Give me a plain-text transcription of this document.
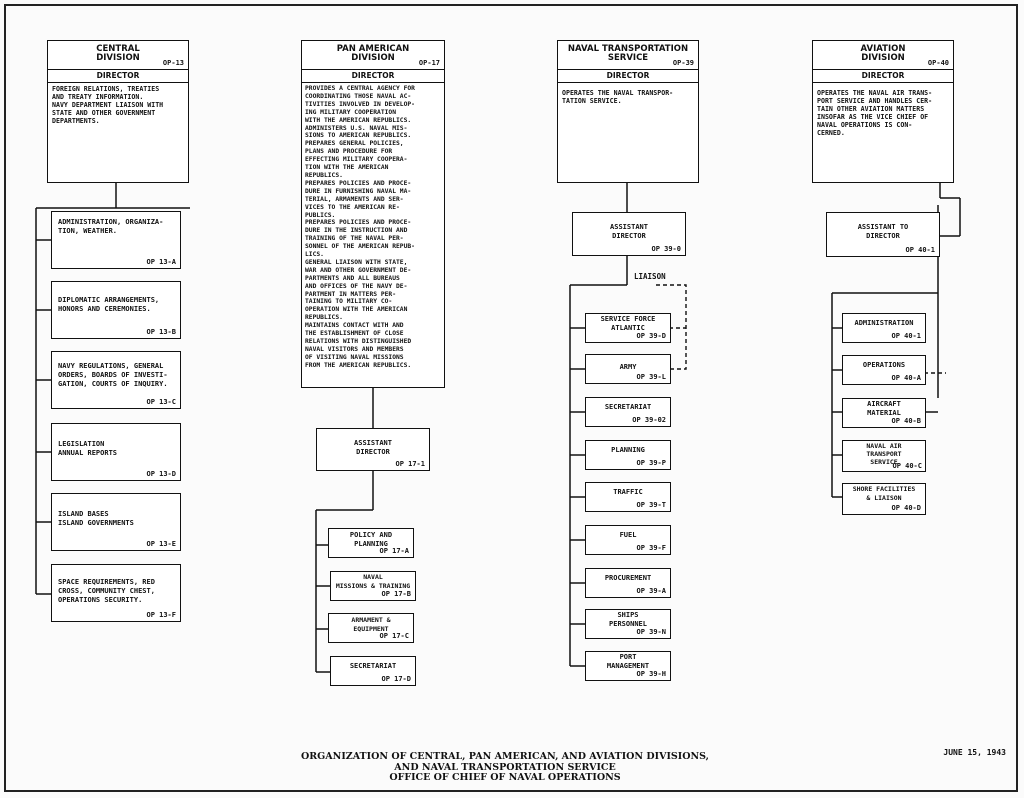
CENTRAL
DIVISION	OP-13
DIRECTOR
FOREIGN RELATIONS, TREATIES
AND TREATY INFORMATION.
NAVY DEPARTMENT LIAISON WITH
STATE AND OTHER GOVERNMENT
DEPARTMENTS.
ADMINISTRATION, ORGANIZA-
TION, WEATHER.
OP 13-A
DIPLOMATIC ARRANGEMENTS,
HONORS AND CEREMONIES.
OP 13-B
NAVY REGULATIONS, GENERAL
ORDERS, BOARDS OF INVESTI-
GATION, COURTS OF INQUIRY.
OP 13-C
LEGISLATION
ANNUAL REPORTS
OP 13-D
ISLAND BASES
ISLAND GOVERNMENTS
OP 13-E
SPACE REQUIREMENTS, RED
CROSS, COMMUNITY CHEST,
OPERATIONS SECURITY.
OP 13-F
PAN AMERICAN
DIVISION	OP-17
DIRECTOR
PROVIDES A CENTRAL AGENCY FOR
COORDINATING THOSE NAVAL AC-
TIVITIES INVOLVED IN DEVELOP-
ING MILITARY COOPERATION
WITH THE AMERICAN REPUBLICS.
ADMINISTERS U.S. NAVAL MIS-
SIONS TO AMERICAN REPUBLICS.
PREPARES GENERAL POLICIES,
PLANS AND PROCEDURE FOR
EFFECTING MILITARY COOPERA-
TION WITH THE AMERICAN
REPUBLICS.
PREPARES POLICIES AND PROCE-
DURE IN FURNISHING NAVAL MA-
TERIAL, ARMAMENTS AND SER-
VICES TO THE AMERICAN RE-
PUBLICS.
PREPARES POLICIES AND PROCE-
DURE IN THE INSTRUCTION AND
TRAINING OF THE NAVAL PER-
SONNEL OF THE AMERICAN REPUB-
LICS.
GENERAL LIAISON WITH STATE,
WAR AND OTHER GOVERNMENT DE-
PARTMENTS AND ALL BUREAUS
AND OFFICES OF THE NAVY DE-
PARTMENT IN MATTERS PER-
TAINING TO MILITARY CO-
OPERATION WITH THE AMERICAN
REPUBLICS.
MAINTAINS CONTACT WITH AND
THE ESTABLISHMENT OF CLOSE
RELATIONS WITH DISTINGUISHED
NAVAL VISITORS AND MEMBERS
OF VISITING NAVAL MISSIONS
FROM THE AMERICAN REPUBLICS.
ASSISTANT
DIRECTOR
OP 17-1
POLICY AND
PLANNING
OP 17-A
NAVAL
MISSIONS & TRAINING
OP 17-B
ARMAMENT &
EQUIPMENT
OP 17-C
SECRETARIAT
OP 17-D
NAVAL TRANSPORTATION
SERVICE	OP-39
DIRECTOR
OPERATES THE NAVAL TRANSPOR-
TATION SERVICE.
ASSISTANT
DIRECTOR
OP 39-0
LIAISON
SERVICE FORCE
ATLANTIC
OP 39-D
ARMY
OP 39-L
SECRETARIAT
OP 39-02
PLANNING
OP 39-P
TRAFFIC
OP 39-T
FUEL
OP 39-F
PROCUREMENT
OP 39-A
SHIPS
PERSONNEL
OP 39-N
PORT
MANAGEMENT
OP 39-H
AVIATION
DIVISION	OP-40
DIRECTOR
OPERATES THE NAVAL AIR TRANS-
PORT SERVICE AND HANDLES CER-
TAIN OTHER AVIATION MATTERS
INSOFAR AS THE VICE CHIEF OF
NAVAL OPERATIONS IS CON-
CERNED.
ASSISTANT TO
DIRECTOR
OP 40-1
ADMINISTRATION
OP 40-1
OPERATIONS
OP 40-A
AIRCRAFT
MATERIAL
OP 40-B
NAVAL AIR
TRANSPORT
SERVICE
OP 40-C
SHORE FACILITIES
& LIAISON
OP 40-D
ORGANIZATION OF CENTRAL, PAN AMERICAN, AND AVIATION DIVISIONS,
AND NAVAL TRANSPORTATION SERVICE
OFFICE OF CHIEF OF NAVAL OPERATIONS
JUNE 15, 1943
